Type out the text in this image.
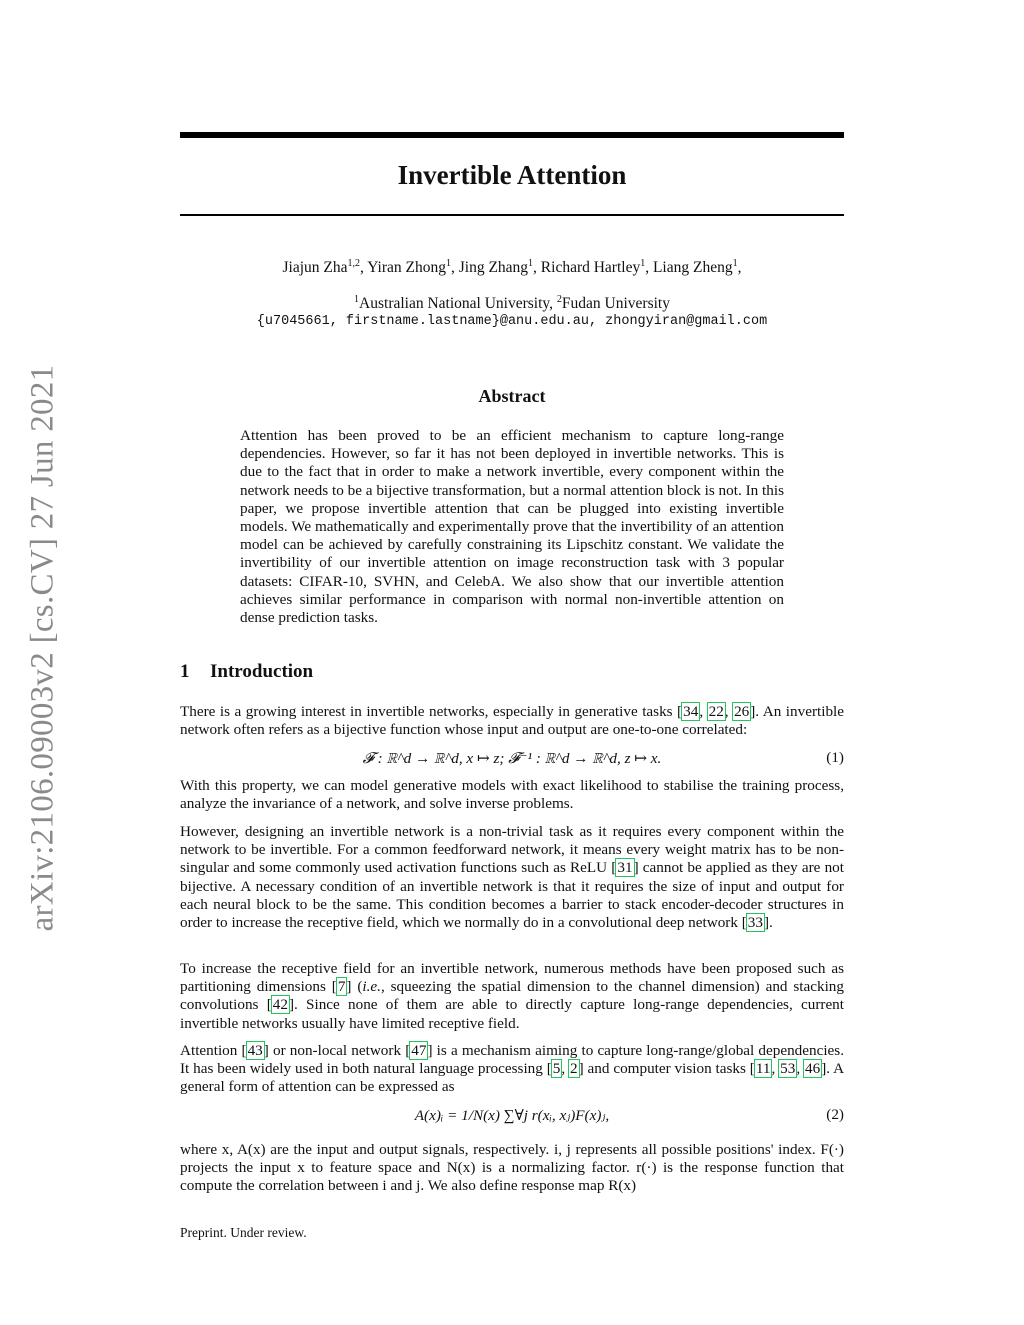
arXiv:2106.09003v2 [cs.CV] 27 Jun 2021
Invertible Attention
Jiajun Zha$^{1,2}$, Yiran Zhong$^1$, Jing Zhang$^1$, Richard Hartley$^1$, Liang Zheng$^1$,
$^1$Australian National University, $^2$Fudan University
{u7045661, firstname.lastname}@anu.edu.au, zhongyiran@gmail.com
Abstract
Attention has been proved to be an efficient mechanism to capture long-range dependencies. However, so far it has not been deployed in invertible networks. This is due to the fact that in order to make a network invertible, every component within the network needs to be a bijective transformation, but a normal attention block is not. In this paper, we propose invertible attention that can be plugged into existing invertible models. We mathematically and experimentally prove that the invertibility of an attention model can be achieved by carefully constraining its Lipschitz constant. We validate the invertibility of our invertible attention on image reconstruction task with 3 popular datasets: CIFAR-10, SVHN, and CelebA. We also show that our invertible attention achieves similar performance in comparison with normal non-invertible attention on dense prediction tasks.
1 Introduction
There is a growing interest in invertible networks, especially in generative tasks [34, 22, 26]. An invertible network often refers as a bijective function whose input and output are one-to-one correlated:
𝓕 : ℝ^d → ℝ^d, x ↦ z; 𝓕⁻¹ : ℝ^d → ℝ^d, z ↦ x.	(1)
With this property, we can model generative models with exact likelihood to stabilise the training process, analyze the invariance of a network, and solve inverse problems.
However, designing an invertible network is a non-trivial task as it requires every component within the network to be invertible. For a common feedforward network, it means every weight matrix has to be non-singular and some commonly used activation functions such as ReLU [31] cannot be applied as they are not bijective. A necessary condition of an invertible network is that it requires the size of input and output for each neural block to be the same. This condition becomes a barrier to stack encoder-decoder structures in order to increase the receptive field, which we normally do in a convolutional deep network [33].
To increase the receptive field for an invertible network, numerous methods have been proposed such as partitioning dimensions [7] (i.e., squeezing the spatial dimension to the channel dimension) and stacking convolutions [42]. Since none of them are able to directly capture long-range dependencies, current invertible networks usually have limited receptive field.
Attention [43] or non-local network [47] is a mechanism aiming to capture long-range/global dependencies. It has been widely used in both natural language processing [5, 2] and computer vision tasks [11, 53, 46]. A general form of attention can be expressed as
A(x)ᵢ = 1/N(x) ∑∀j r(xᵢ, xⱼ)F(x)ⱼ,	(2)
where x, A(x) are the input and output signals, respectively. i, j represents all possible positions' index. F(·) projects the input x to feature space and N(x) is a normalizing factor. r(·) is the response function that compute the correlation between i and j. We also define response map R(x)
Preprint. Under review.
